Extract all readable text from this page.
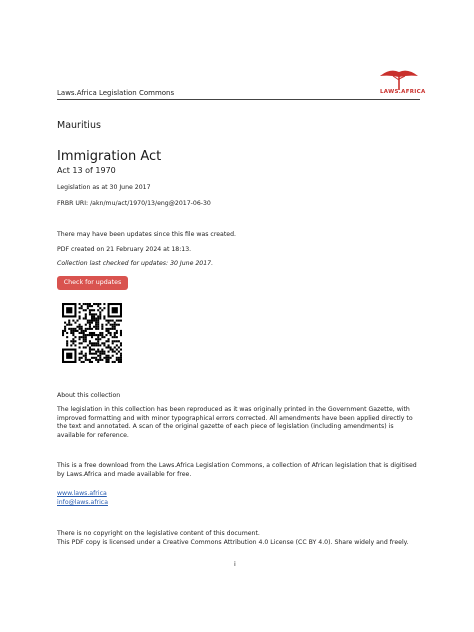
Laws.Africa Legislation Commons	LAWS.AFRICA
Mauritius
Immigration Act
Act 13 of 1970
Legislation as at 30 June 2017
FRBR URI: /akn/mu/act/1970/13/eng@2017-06-30
There may have been updates since this file was created.
PDF created on 21 February 2024 at 18:13.
Collection last checked for updates: 30 June 2017.
Check for updates
About this collection
The legislation in this collection has been reproduced as it was originally printed in the Government Gazette, with improved formatting and with minor typographical errors corrected. All amendments have been applied directly to the text and annotated. A scan of the original gazette of each piece of legislation (including amendments) is available for reference.
This is a free download from the Laws.Africa Legislation Commons, a collection of African legislation that is digitised by Laws.Africa and made available for free.
www.laws.africa
info@laws.africa
There is no copyright on the legislative content of this document.
This PDF copy is licensed under a Creative Commons Attribution 4.0 License (CC BY 4.0). Share widely and freely.
i
